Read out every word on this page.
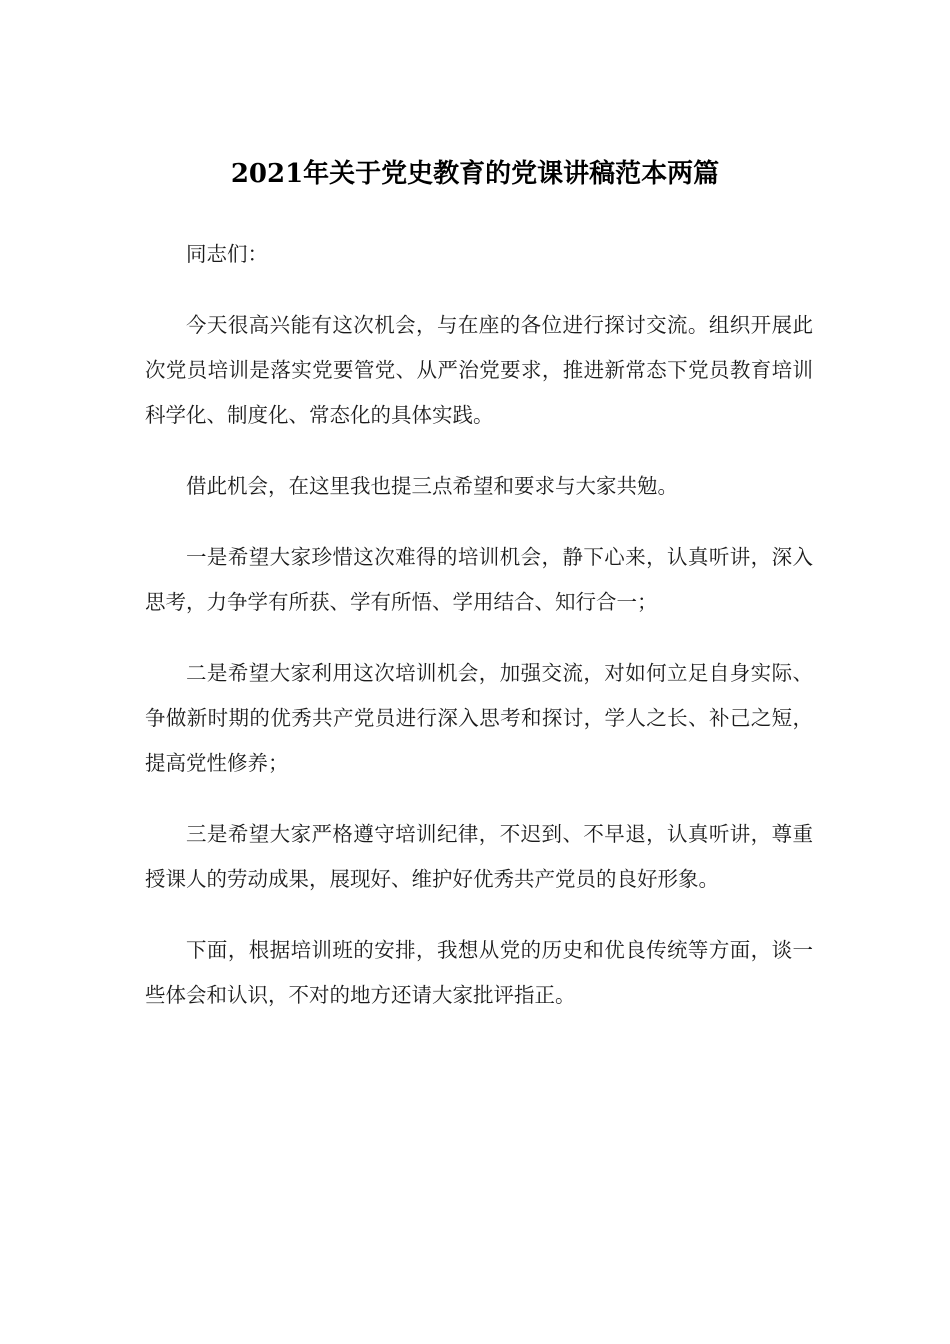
2021年关于党史教育的党课讲稿范本两篇

同志们：

今天很高兴能有这次机会，与在座的各位进行探讨交流。组织开展此次党员培训是落实党要管党、从严治党要求，推进新常态下党员教育培训科学化、制度化、常态化的具体实践。

借此机会，在这里我也提三点希望和要求与大家共勉。

一是希望大家珍惜这次难得的培训机会，静下心来，认真听讲，深入思考，力争学有所获、学有所悟、学用结合、知行合一；

二是希望大家利用这次培训机会，加强交流，对如何立足自身实际、争做新时期的优秀共产党员进行深入思考和探讨，学人之长、补己之短，提高党性修养；

三是希望大家严格遵守培训纪律，不迟到、不早退，认真听讲，尊重授课人的劳动成果，展现好、维护好优秀共产党员的良好形象。

下面，根据培训班的安排，我想从党的历史和优良传统等方面，谈一些体会和认识，不对的地方还请大家批评指正。
